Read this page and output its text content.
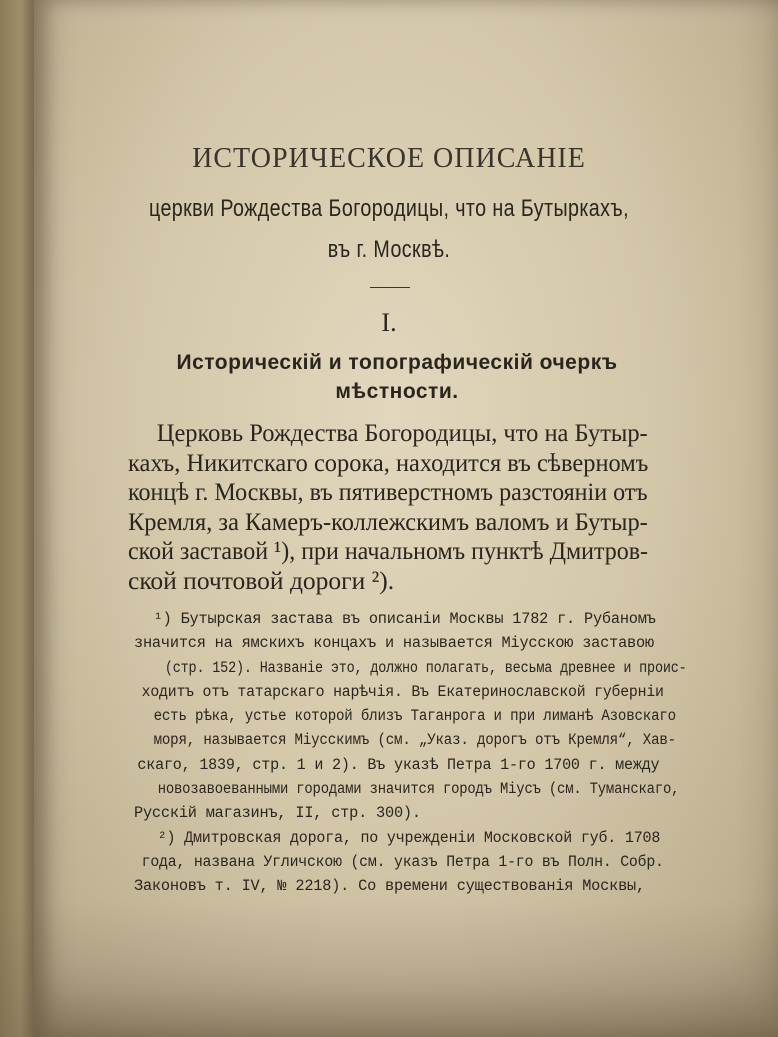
ИСТОРИЧЕСКОЕ ОПИСАНІЕ
церкви Рождества Богородицы, что на Бутыркахъ,
въ г. Москвѣ.
I.
Историческій и топографическій очеркъ
мѣстности.
Церковь Рождества Богородицы, что на Бутыр-
кахъ, Никитскаго сорока, находится въ сѣверномъ
концѣ г. Москвы, въ пятиверстномъ разстояніи отъ
Кремля, за Камеръ-коллежскимъ валомъ и Бутыр-
ской заставой ¹), при начальномъ пунктѣ Дмитров-
ской почтовой дороги ²).
¹) Бутырская застава въ описаніи Москвы 1782 г. Рубаномъ
значится на ямскихъ концахъ и называется Міусскою заставою
(стр. 152). Названіе это, должно полагать, весьма древнее и проис-
ходитъ отъ татарскаго нарѣчія. Въ Екатеринославской губерніи
есть рѣка, устье которой близъ Таганрога и при лиманѣ Азовскаго
моря, называется Міусскимъ (см. „Указ. дорогъ отъ Кремля“, Хав-
скаго, 1839, стр. 1 и 2). Въ указѣ Петра 1-го 1700 г. между
новозавоеванными городами значится городъ Міусъ (см. Туманскаго,
Русскій магазинъ, II, стр. 300).
²) Дмитровская дорога, по учрежденіи Московской губ. 1708
года, названа Угличскою (см. указъ Петра 1-го въ Полн. Собр.
Законовъ т. IV, № 2218). Со времени существованія Москвы,
